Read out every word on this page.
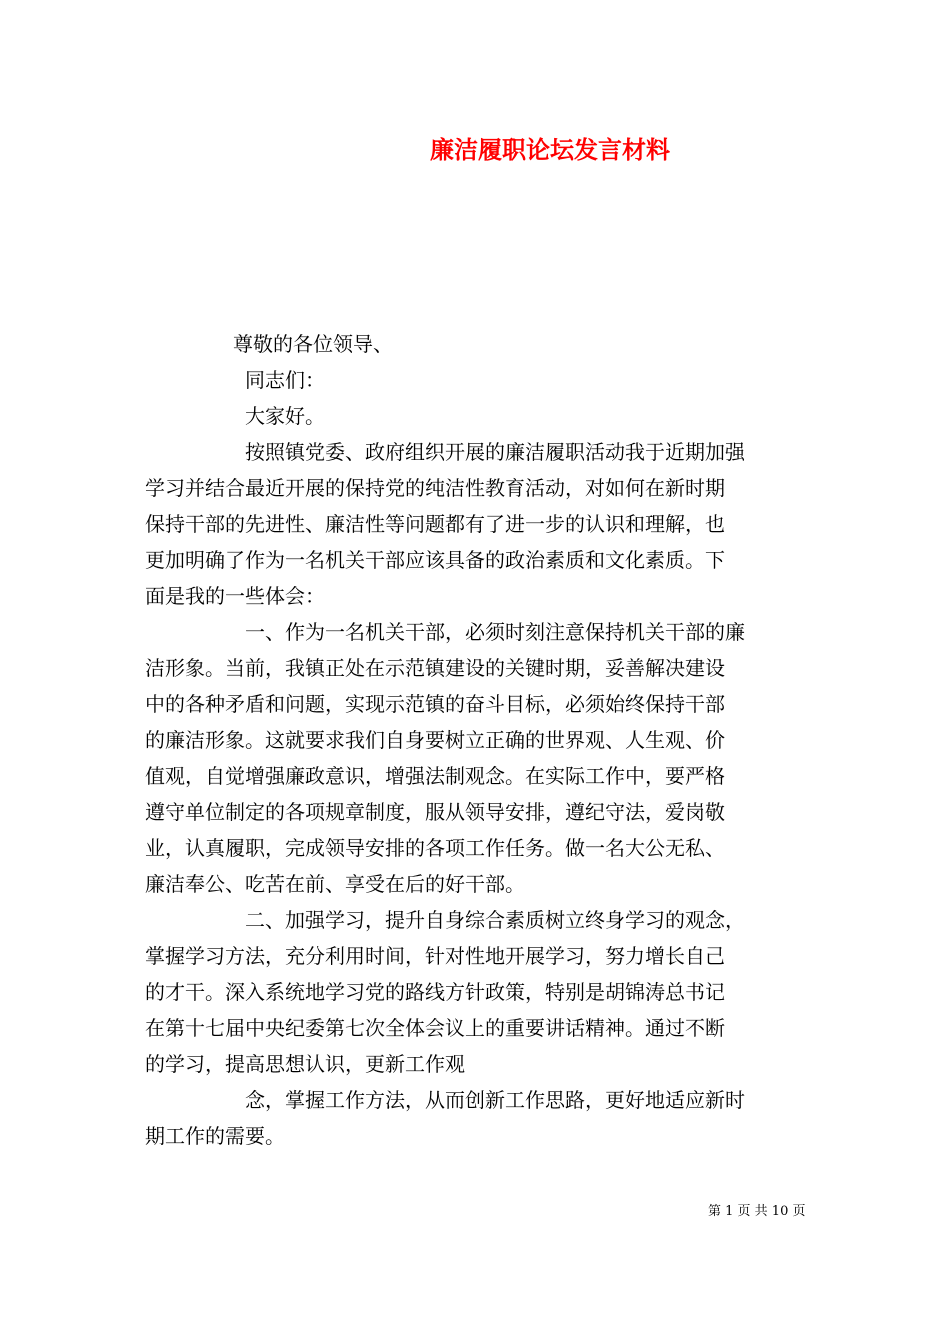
廉洁履职论坛发言材料
尊敬的各位领导、
同志们：
大家好。
按照镇党委、政府组织开展的廉洁履职活动我于近期加强
学习并结合最近开展的保持党的纯洁性教育活动，对如何在新时期
保持干部的先进性、廉洁性等问题都有了进一步的认识和理解，也
更加明确了作为一名机关干部应该具备的政治素质和文化素质。下
面是我的一些体会：
一、作为一名机关干部，必须时刻注意保持机关干部的廉
洁形象。当前，我镇正处在示范镇建设的关键时期，妥善解决建设
中的各种矛盾和问题，实现示范镇的奋斗目标，必须始终保持干部
的廉洁形象。这就要求我们自身要树立正确的世界观、人生观、价
值观，自觉增强廉政意识，增强法制观念。在实际工作中，要严格
遵守单位制定的各项规章制度，服从领导安排，遵纪守法，爱岗敬
业，认真履职，完成领导安排的各项工作任务。做一名大公无私、
廉洁奉公、吃苦在前、享受在后的好干部。
二、加强学习，提升自身综合素质树立终身学习的观念，
掌握学习方法，充分利用时间，针对性地开展学习，努力增长自己
的才干。深入系统地学习党的路线方针政策，特别是胡锦涛总书记
在第十七届中央纪委第七次全体会议上的重要讲话精神。通过不断
的学习，提高思想认识，更新工作观
念，掌握工作方法，从而创新工作思路，更好地适应新时
期工作的需要。
第 1 页 共 10 页
